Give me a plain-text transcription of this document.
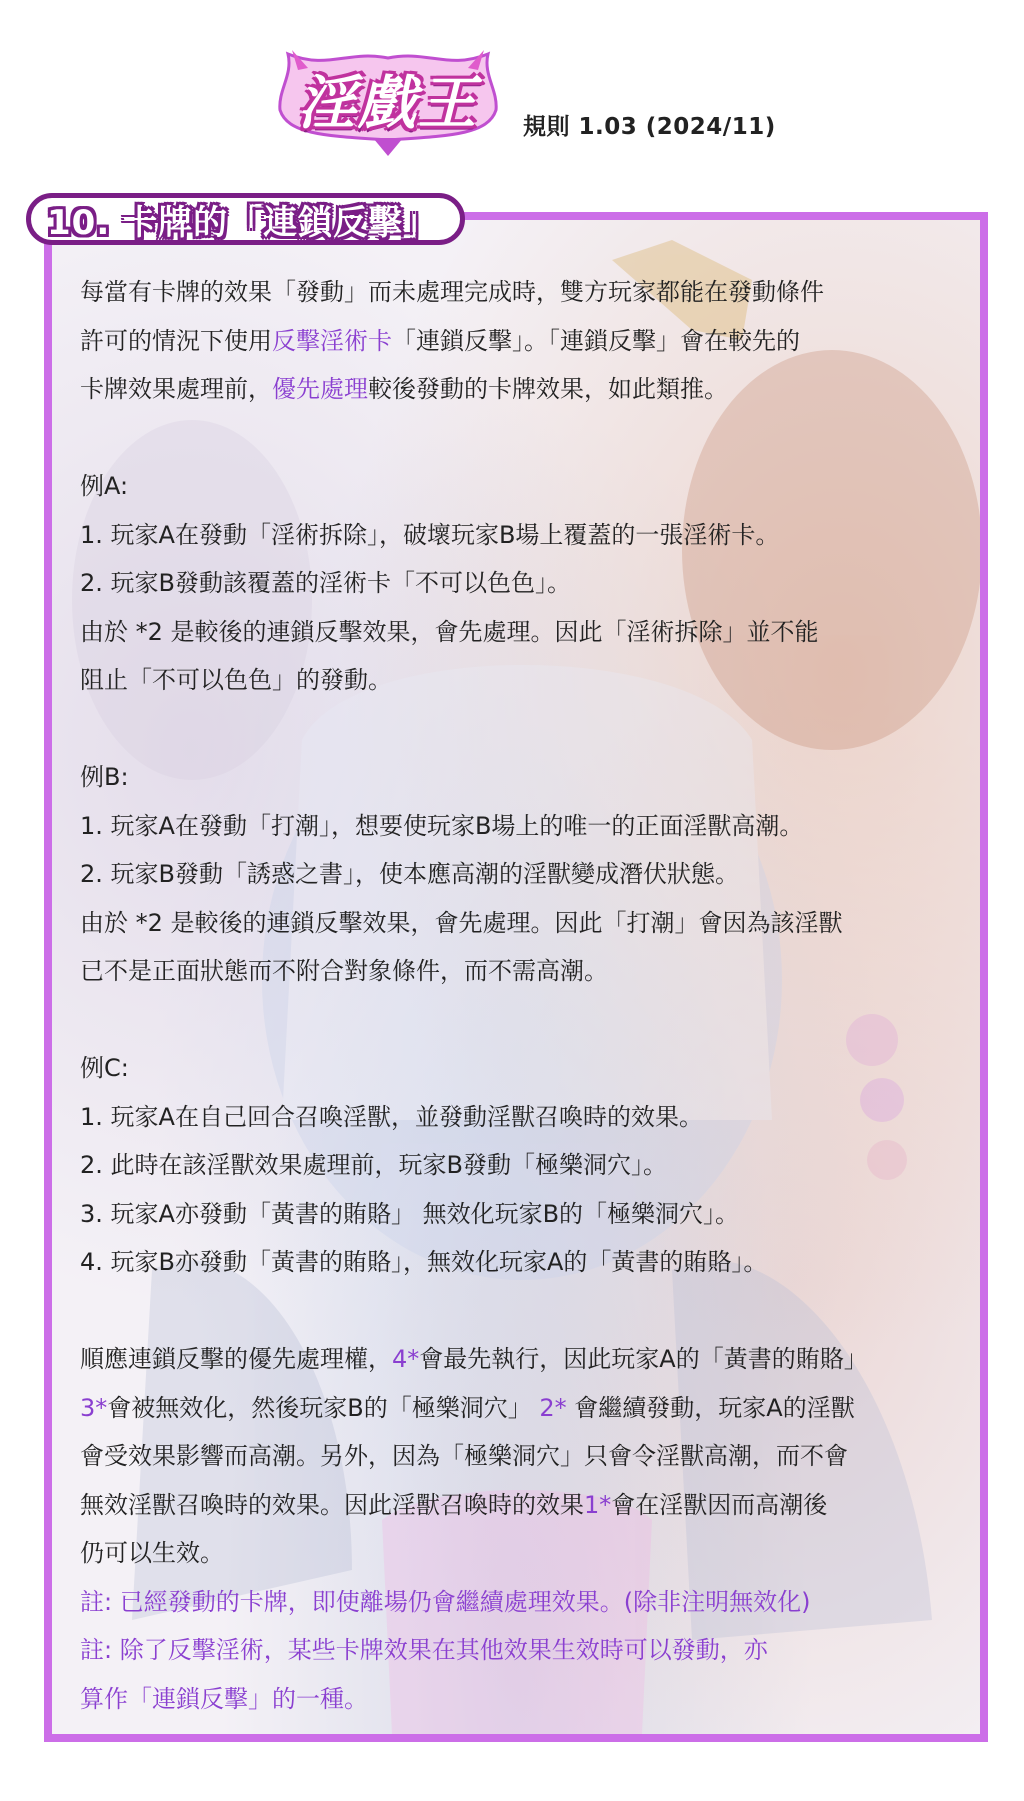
淫戲王	規則 1.03 (2024/11)
10. 卡牌的「連鎖反擊」

每當有卡牌的效果「發動」而未處理完成時，雙方玩家都能在發動條件

許可的情況下使用反擊淫術卡「連鎖反擊」。「連鎖反擊」會在較先的

卡牌效果處理前，優先處理較後發動的卡牌效果，如此類推。

例A:

1. 玩家A在發動「淫術拆除」，破壞玩家B場上覆蓋的一張淫術卡。

2. 玩家B發動該覆蓋的淫術卡「不可以色色」。

由於 *2 是較後的連鎖反擊效果，會先處理。因此「淫術拆除」並不能

阻止「不可以色色」的發動。

例B:

1. 玩家A在發動「打潮」，想要使玩家B場上的唯一的正面淫獸高潮。

2. 玩家B發動「誘惑之書」，使本應高潮的淫獸變成潛伏狀態。

由於 *2 是較後的連鎖反擊效果，會先處理。因此「打潮」會因為該淫獸

已不是正面狀態而不附合對象條件，而不需高潮。

例C:

1. 玩家A在自己回合召喚淫獸，並發動淫獸召喚時的效果。

2. 此時在該淫獸效果處理前，玩家B發動「極樂洞穴」。

3. 玩家A亦發動「黃書的賄賂」 無效化玩家B的「極樂洞穴」。

4. 玩家B亦發動「黃書的賄賂」，無效化玩家A的「黃書的賄賂」。

順應連鎖反擊的優先處理權，4*會最先執行，因此玩家A的「黃書的賄賂」

3*會被無效化，然後玩家B的「極樂洞穴」 2* 會繼續發動，玩家A的淫獸

會受效果影響而高潮。另外，因為「極樂洞穴」只會令淫獸高潮，而不會

無效淫獸召喚時的效果。因此淫獸召喚時的效果1*會在淫獸因而高潮後

仍可以生效。

註: 已經發動的卡牌，即使離場仍會繼續處理效果。(除非注明無效化)

註: 除了反擊淫術，某些卡牌效果在其他效果生效時可以發動，亦

算作「連鎖反擊」的一種。
